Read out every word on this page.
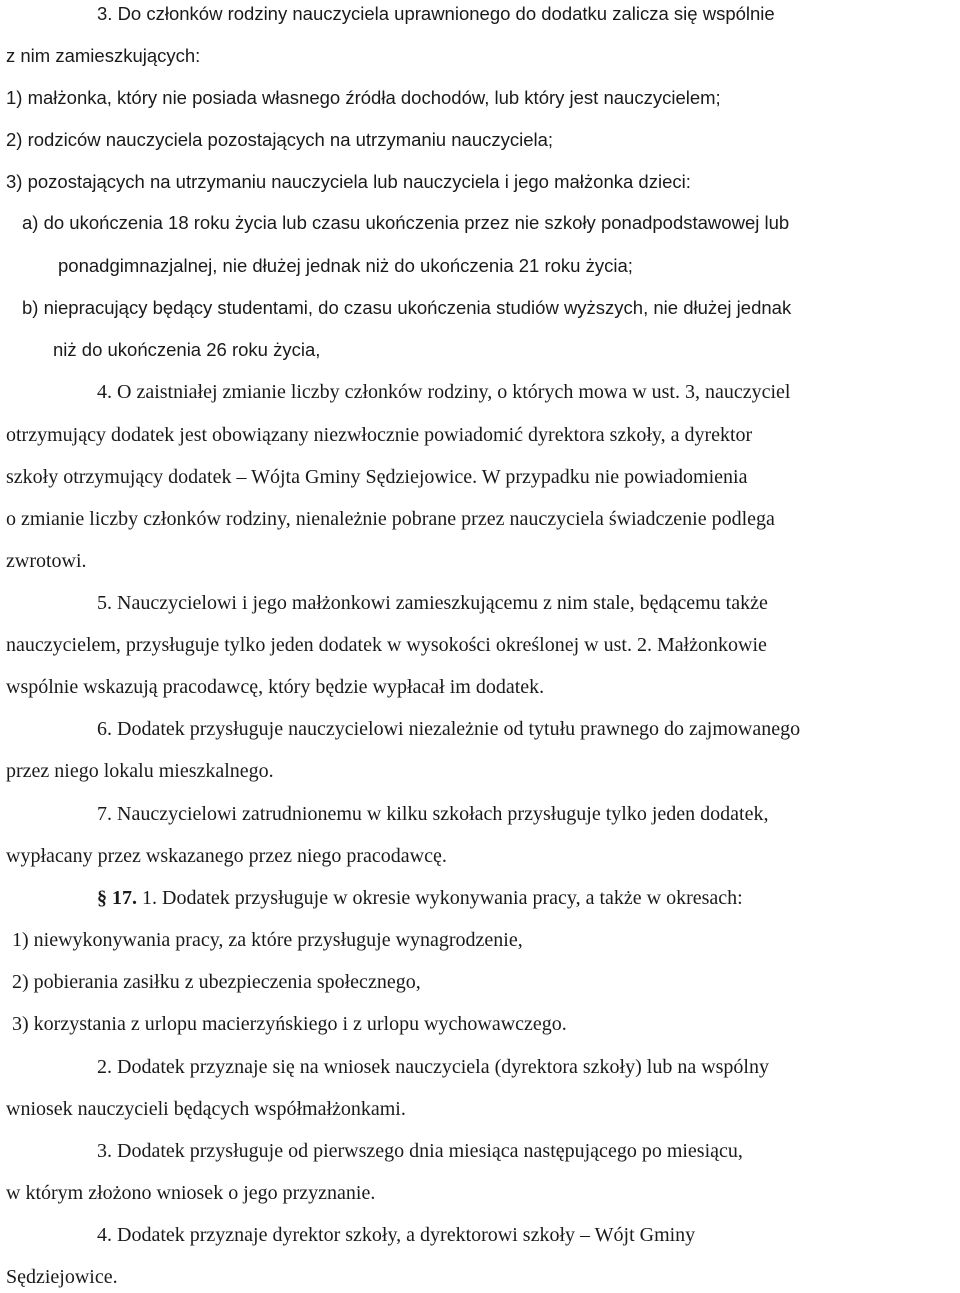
3. Do członków rodziny nauczyciela uprawnionego do dodatku zalicza się wspólnie
z nim zamieszkujących:
1) małżonka, który nie posiada własnego źródła dochodów, lub który jest nauczycielem;
2) rodziców nauczyciela pozostających na utrzymaniu nauczyciela;
3) pozostających na utrzymaniu nauczyciela lub nauczyciela i jego małżonka dzieci:
a) do ukończenia 18 roku życia lub czasu ukończenia przez nie szkoły ponadpodstawowej lub
ponadgimnazjalnej, nie dłużej jednak niż do ukończenia 21 roku życia;
b) niepracujący będący studentami, do czasu ukończenia studiów wyższych, nie dłużej jednak
niż do ukończenia 26 roku życia,
4. O zaistniałej zmianie liczby członków rodziny, o których mowa w ust. 3, nauczyciel
otrzymujący dodatek jest obowiązany niezwłocznie powiadomić dyrektora szkoły, a dyrektor
szkoły otrzymujący dodatek – Wójta Gminy Sędziejowice. W przypadku nie powiadomienia
o zmianie liczby członków rodziny, nienależnie pobrane przez nauczyciela świadczenie podlega
zwrotowi.
5. Nauczycielowi i jego małżonkowi zamieszkującemu z nim stale, będącemu także
nauczycielem, przysługuje tylko jeden dodatek w wysokości określonej w ust. 2. Małżonkowie
wspólnie wskazują pracodawcę, który będzie wypłacał im dodatek.
6. Dodatek przysługuje nauczycielowi niezależnie od tytułu prawnego do zajmowanego
przez niego lokalu mieszkalnego.
7. Nauczycielowi zatrudnionemu w kilku szkołach przysługuje tylko jeden dodatek,
wypłacany przez wskazanego przez niego pracodawcę.
§ 17. 1. Dodatek przysługuje w okresie wykonywania pracy, a także w okresach:
1) niewykonywania pracy, za które przysługuje wynagrodzenie,
2) pobierania zasiłku z ubezpieczenia społecznego,
3) korzystania z urlopu macierzyńskiego i z urlopu wychowawczego.
2. Dodatek przyznaje się na wniosek nauczyciela (dyrektora szkoły) lub na wspólny
wniosek nauczycieli będących współmałżonkami.
3. Dodatek przysługuje od pierwszego dnia miesiąca następującego po miesiącu,
w którym złożono wniosek o jego przyznanie.
4. Dodatek przyznaje dyrektor szkoły, a dyrektorowi szkoły – Wójt Gminy
Sędziejowice.
